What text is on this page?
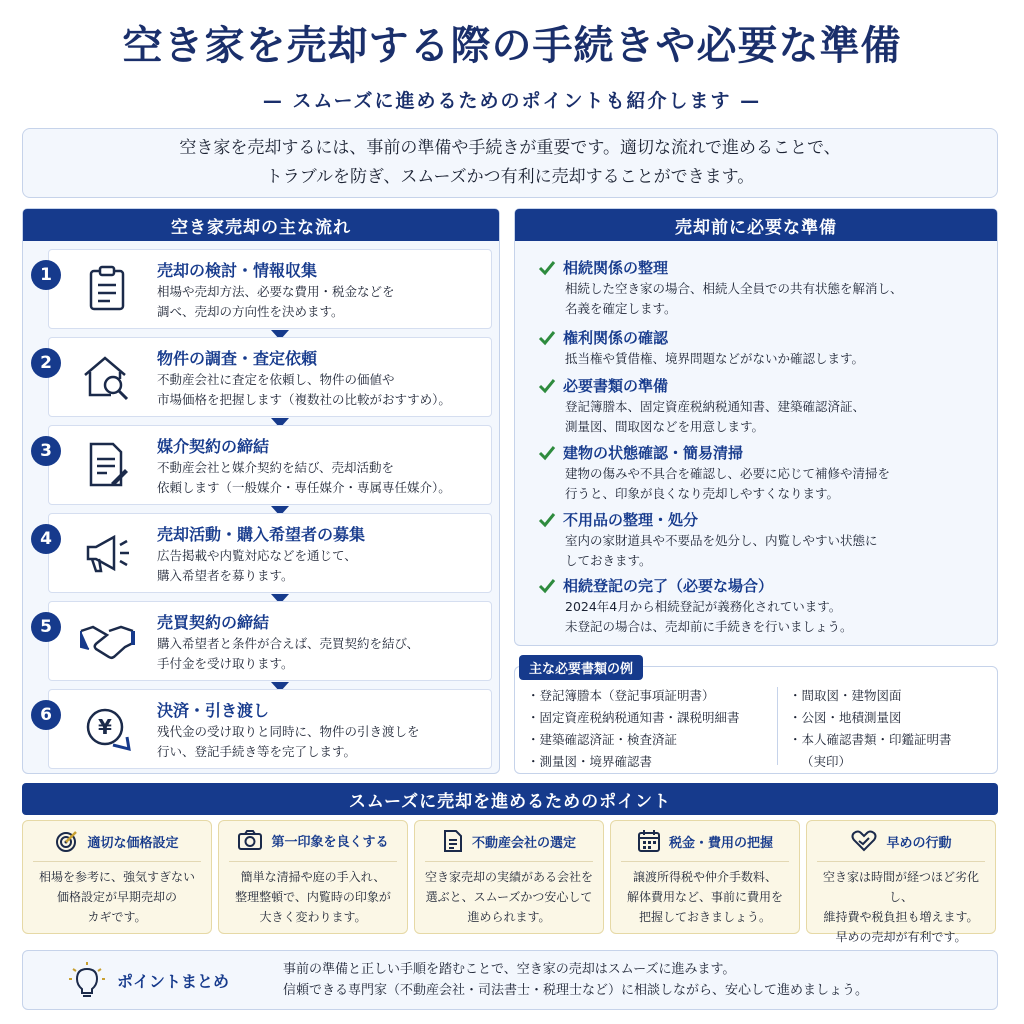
空き家を売却する際の手続きや必要な準備
— スムーズに進めるためのポイントも紹介します —
空き家を売却するには、事前の準備や手続きが重要です。適切な流れで進めることで、
トラブルを防ぎ、スムーズかつ有利に売却することができます。
空き家売却の主な流れ
1	売却の検討・情報収集
相場や売却方法、必要な費用・税金などを
調べ、売却の方向性を決めます。
2	物件の調査・査定依頼
不動産会社に査定を依頼し、物件の価値や
市場価格を把握します（複数社の比較がおすすめ）。
3	媒介契約の締結
不動産会社と媒介契約を結び、売却活動を
依頼します（一般媒介・専任媒介・専属専任媒介）。
4	売却活動・購入希望者の募集
広告掲載や内覧対応などを通じて、
購入希望者を募ります。
5	売買契約の締結
購入希望者と条件が合えば、売買契約を結び、
手付金を受け取ります。
6	¥
決済・引き渡し
残代金の受け取りと同時に、物件の引き渡しを
行い、登記手続き等を完了します。
売却前に必要な準備
相続関係の整理
相続した空き家の場合、相続人全員での共有状態を解消し、
名義を確定します。
権利関係の確認
抵当権や賃借権、境界問題などがないか確認します。
必要書類の準備
登記簿謄本、固定資産税納税通知書、建築確認済証、
測量図、間取図などを用意します。
建物の状態確認・簡易清掃
建物の傷みや不具合を確認し、必要に応じて補修や清掃を
行うと、印象が良くなり売却しやすくなります。
不用品の整理・処分
室内の家財道具や不要品を処分し、内覧しやすい状態に
しておきます。
相続登記の完了（必要な場合）
2024年4月から相続登記が義務化されています。
未登記の場合は、売却前に手続きを行いましょう。
主な必要書類の例
・ 登記簿謄本（登記事項証明書）
・ 固定資産税納税通知書・課税明細書
・ 建築確認済証・検査済証
・ 測量図・境界確認書
・ 間取図・建物図面
・ 公図・地積測量図
・ 本人確認書類・印鑑証明書
（実印）
スムーズに売却を進めるためのポイント
適切な価格設定
相場を参考に、強気すぎない
価格設定が早期売却の
カギです。
第一印象を良くする
簡単な清掃や庭の手入れ、
整理整頓で、内覧時の印象が
大きく変わります。
不動産会社の選定
空き家売却の実績がある会社を
選ぶと、スムーズかつ安心して
進められます。
税金・費用の把握
譲渡所得税や仲介手数料、
解体費用など、事前に費用を
把握しておきましょう。
早めの行動
空き家は時間が経つほど劣化し、
維持費や税負担も増えます。
早めの売却が有利です。
ポイントまとめ
事前の準備と正しい手順を踏むことで、空き家の売却はスムーズに進みます。
信頼できる専門家（不動産会社・司法書士・税理士など）に相談しながら、安心して進めましょう。
